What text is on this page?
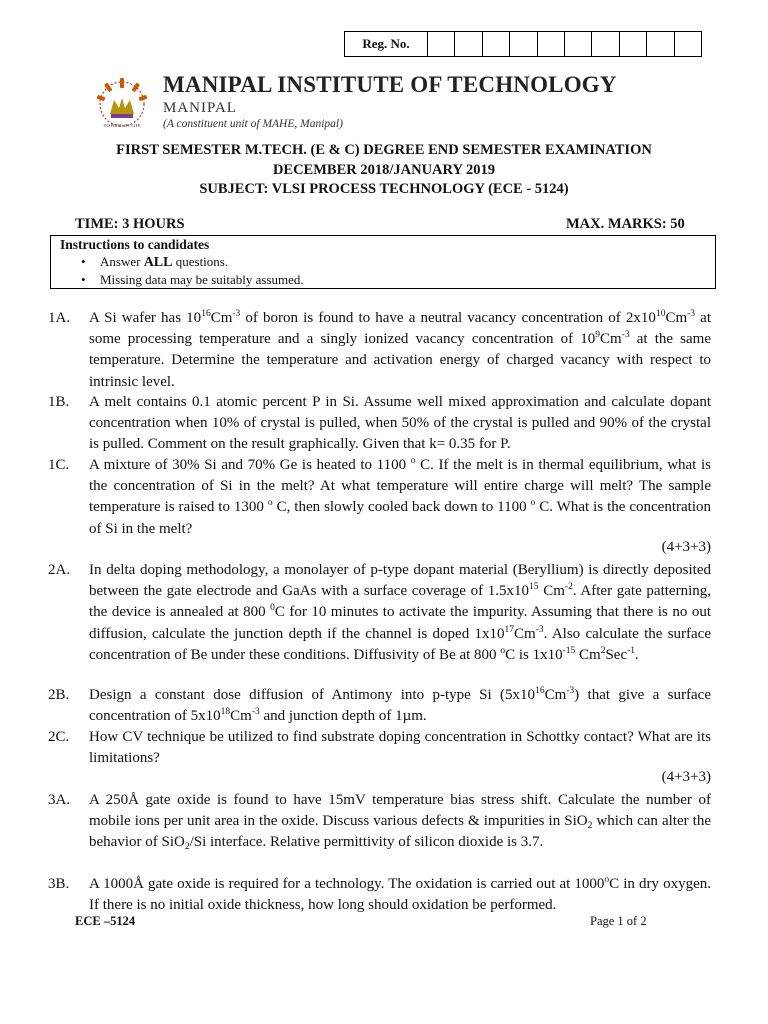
Reg. No.
INSPIRED BY LIFE
MANIPAL INSTITUTE OF TECHNOLOGY
MANIPAL
(A constituent unit of MAHE, Manipal)
FIRST SEMESTER M.TECH. (E & C) DEGREE END SEMESTER EXAMINATION
DECEMBER 2018/JANUARY 2019
SUBJECT: VLSI PROCESS TECHNOLOGY (ECE - 5124)
TIME: 3 HOURS	MAX. MARKS: 50
Instructions to candidates
• Answer ALL questions.
• Missing data may be suitably assumed.
1A. A Si wafer has $10^{16}Cm^{-3}$ of boron is found to have a neutral vacancy concentration of $2x10^{10}Cm^{-3}$ at some processing temperature and a singly ionized vacancy concentration of $10^9Cm^{-3}$ at the same temperature. Determine the temperature and activation energy of charged vacancy with respect to intrinsic level.
1B. A melt contains 0.1 atomic percent P in Si. Assume well mixed approximation and calculate dopant concentration when 10% of crystal is pulled, when 50% of the crystal is pulled and 90% of the crystal is pulled. Comment on the result graphically. Given that k= 0.35 for P.
1C. A mixture of 30% Si and 70% Ge is heated to 1100 $^o$ C. If the melt is in thermal equilibrium, what is the concentration of Si in the melt? At what temperature will entire charge will melt? The sample temperature is raised to 1300 $^o$ C, then slowly cooled back down to 1100 $^o$ C. What is the concentration of Si in the melt?
(4+3+3)
2A. In delta doping methodology, a monolayer of p-type dopant material (Beryllium) is directly deposited between the gate electrode and GaAs with a surface coverage of $1.5x10^{15}$ $Cm^{-2}$. After gate patterning, the device is annealed at 800 $^0$C for 10 minutes to activate the impurity. Assuming that there is no out diffusion, calculate the junction depth if the channel is doped $1x10^{17}Cm^{-3}$. Also calculate the surface concentration of Be under these conditions. Diffusivity of Be at 800 $^o$C is $1x10^{-15}$ Cm$^2$Sec$^{-1}$.
2B. Design a constant dose diffusion of Antimony into p-type Si $(5x10^{16}Cm^{-3})$ that give a surface concentration of $5x10^{18}Cm^{-3}$ and junction depth of 1µm.
2C. How CV technique be utilized to find substrate doping concentration in Schottky contact? What are its limitations?
(4+3+3)
3A. A 250Å gate oxide is found to have 15mV temperature bias stress shift. Calculate the number of mobile ions per unit area in the oxide. Discuss various defects & impurities in SiO$_2$ which can alter the behavior of SiO$_2$/Si interface. Relative permittivity of silicon dioxide is 3.7.
3B. A 1000Å gate oxide is required for a technology. The oxidation is carried out at 1000$^o$C in dry oxygen. If there is no initial oxide thickness, how long should oxidation be performed.
ECE –5124	Page 1 of 2
